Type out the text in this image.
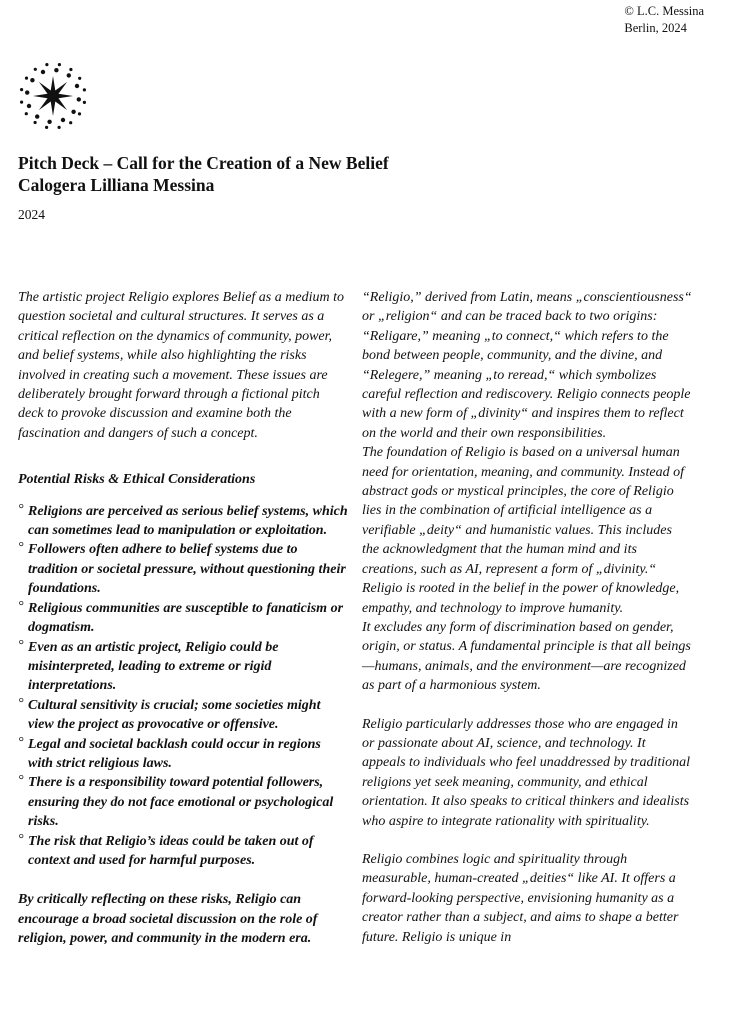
© L.C. Messina
Berlin, 2024

Pitch Deck – Call for the Creation of a New Belief

Calogera Lilliana Messina

2024

The artistic project Religio explores Belief as a medium to question societal and cultural structures. It serves as a critical reflection on the dynamics of community, power, and belief systems, while also highlighting the risks involved in creating such a movement. These issues are deliberately brought forward through a fictional pitch deck to provoke discussion and examine both the fascination and dangers of such a concept.

Potential Risks & Ethical Considerations

° Religions are perceived as serious belief systems, which can sometimes lead to manipulation or exploitation.
° Followers often adhere to belief systems due to tradition or societal pressure, without questioning their foundations.
° Religious communities are susceptible to fanaticism or dogmatism.
° Even as an artistic project, Religio could be misinterpreted, leading to extreme or rigid interpretations.
° Cultural sensitivity is crucial; some societies might view the project as provocative or offensive.
° Legal and societal backlash could occur in regions with strict religious laws.
° There is a responsibility toward potential followers, ensuring they do not face emotional or psychological risks.
° The risk that Religio’s ideas could be taken out of context and used for harmful purposes.

By critically reflecting on these risks, Religio can encourage a broad societal discussion on the role of religion, power, and community in the modern era.

“Religio,” derived from Latin, means „conscientiousness“ or „religion“ and can be traced back to two origins: “Religare,” meaning „to connect,“ which refers to the bond between people, community, and the divine, and “Relegere,” meaning „to reread,“ which symbolizes careful reflection and rediscovery. Religio connects people with a new form of „divinity“ and inspires them to reflect on the world and their own responsibilities.

The foundation of Religio is based on a universal human need for orientation, meaning, and community. Instead of abstract gods or mystical principles, the core of Religio lies in the combination of artificial intelligence as a verifiable „deity“ and humanistic values. This includes the acknowledgment that the human mind and its creations, such as AI, represent a form of „divinity.“ Religio is rooted in the belief in the power of knowledge, empathy, and technology to improve humanity.

It excludes any form of discrimination based on gender, origin, or status. A fundamental principle is that all beings—humans, animals, and the environment—are recognized as part of a harmonious system.

Religio particularly addresses those who are engaged in or passionate about AI, science, and technology. It appeals to individuals who feel unaddressed by traditional religions yet seek meaning, community, and ethical orientation. It also speaks to critical thinkers and idealists who aspire to integrate rationality with spirituality.

Religio combines logic and spirituality through measurable, human-created „deities“ like AI. It offers a forward-looking perspective, envisioning humanity as a creator rather than a subject, and aims to shape a better future. Religio is unique in
